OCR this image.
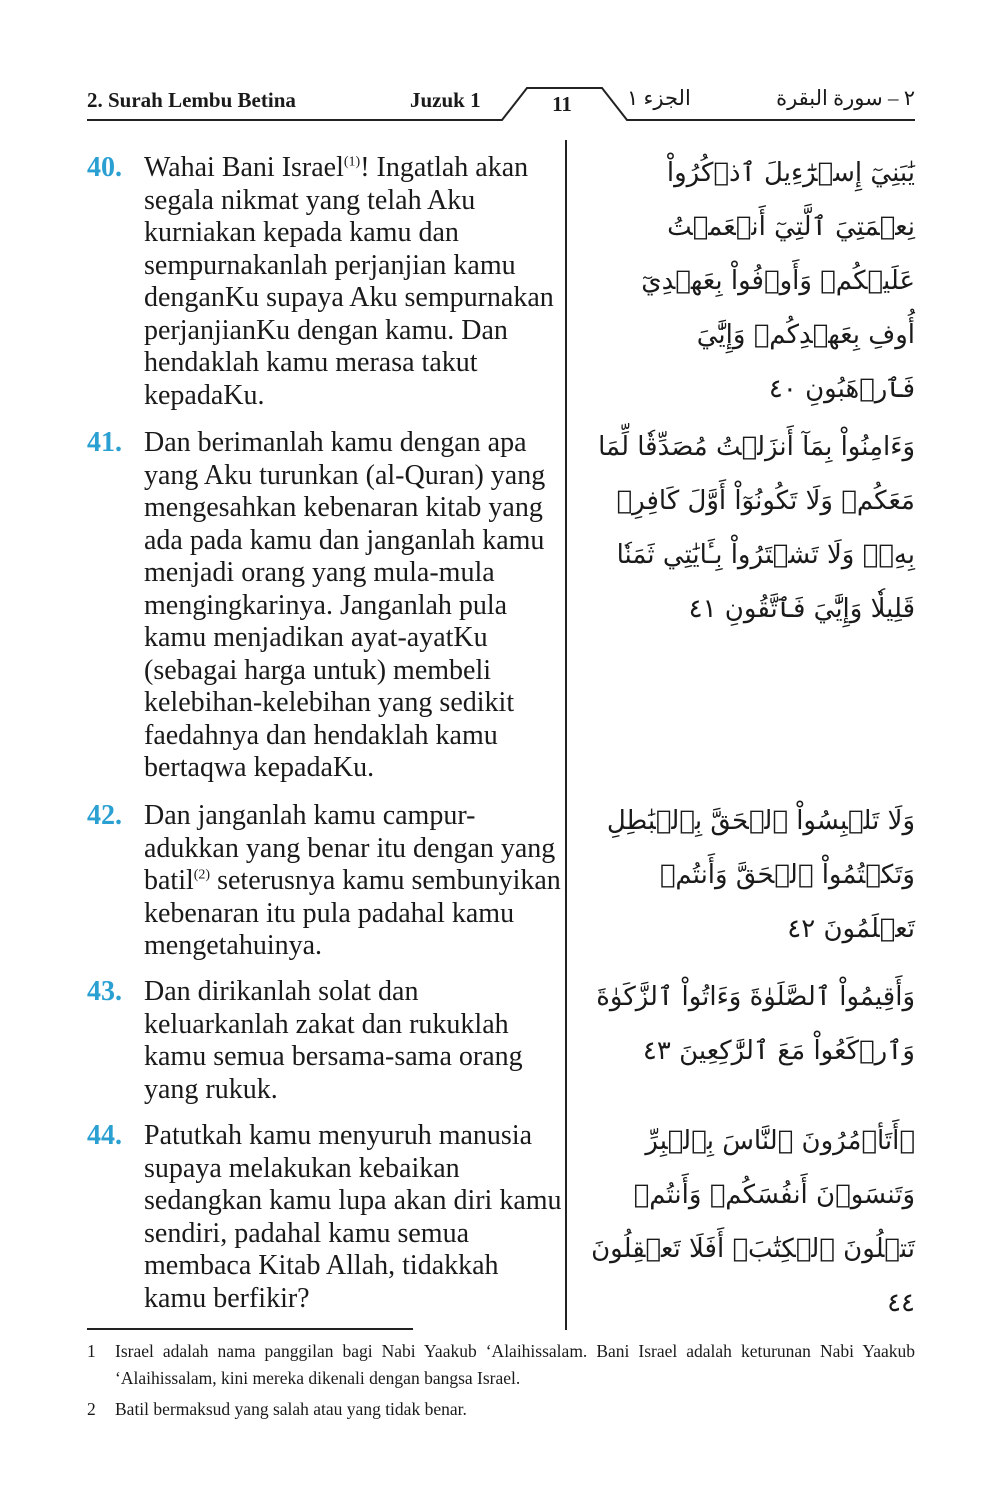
2. Surah Lembu Betina	Juzuk 1	11	الجزء ١	٢ – سورة البقرة
40. Wahai Bani Israel$^{(1)}$! Ingatlah akan segala nikmat yang telah Aku kurniakan kepada kamu dan sempurnakanlah perjanjian kamu denganKu supaya Aku sempurnakan perjanjianKu dengan kamu. Dan hendaklah kamu merasa takut kepadaKu.
يَٰبَنِيٓ إِسۡرَٰٓءِيلَ ٱذۡكُرُواْ نِعۡمَتِيَ ٱلَّتِيٓ أَنۡعَمۡتُ عَلَيۡكُمۡ وَأَوۡفُواْ بِعَهۡدِيٓ أُوفِ بِعَهۡدِكُمۡ وَإِيَّٰيَ فَٱرۡهَبُونِ ٤٠
41. Dan berimanlah kamu dengan apa yang Aku turunkan (al-Quran) yang mengesahkan kebenaran kitab yang ada pada kamu dan janganlah kamu menjadi orang yang mula-mula mengingkarinya. Janganlah pula kamu menjadikan ayat-ayatKu (sebagai harga untuk) membeli kelebihan-kelebihan yang sedikit faedahnya dan hendaklah kamu bertaqwa kepadaKu.
وَءَامِنُواْ بِمَآ أَنزَلۡتُ مُصَدِّقٗا لِّمَا مَعَكُمۡ وَلَا تَكُونُوٓاْ أَوَّلَ كَافِرِۭ بِهِۦۖ وَلَا تَشۡتَرُواْ بِـَٔايَٰتِي ثَمَنٗا قَلِيلٗا وَإِيَّٰيَ فَٱتَّقُونِ ٤١
42. Dan janganlah kamu campur-adukkan yang benar itu dengan yang batil$^{(2)}$ seterusnya kamu sembunyikan kebenaran itu pula padahal kamu mengetahuinya.
وَلَا تَلۡبِسُواْ ٱلۡحَقَّ بِٱلۡبَٰطِلِ وَتَكۡتُمُواْ ٱلۡحَقَّ وَأَنتُمۡ تَعۡلَمُونَ ٤٢
43. Dan dirikanlah solat dan keluarkanlah zakat dan rukuklah kamu semua bersama-sama orang yang rukuk.
وَأَقِيمُواْ ٱلصَّلَوٰةَ وَءَاتُواْ ٱلزَّكَوٰةَ وَٱرۡكَعُواْ مَعَ ٱلرَّٰكِعِينَ ٤٣
44. Patutkah kamu menyuruh manusia supaya melakukan kebaikan sedangkan kamu lupa akan diri kamu sendiri, padahal kamu semua membaca Kitab Allah, tidakkah kamu berfikir?
۞أَتَأۡمُرُونَ ٱلنَّاسَ بِٱلۡبِرِّ وَتَنسَوۡنَ أَنفُسَكُمۡ وَأَنتُمۡ تَتۡلُونَ ٱلۡكِتَٰبَۚ أَفَلَا تَعۡقِلُونَ ٤٤
1 Israel adalah nama panggilan bagi Nabi Yaakub ‘Alaihissalam. Bani Israel adalah keturunan Nabi Yaakub ‘Alaihissalam, kini mereka dikenali dengan bangsa Israel.
2 Batil bermaksud yang salah atau yang tidak benar.
